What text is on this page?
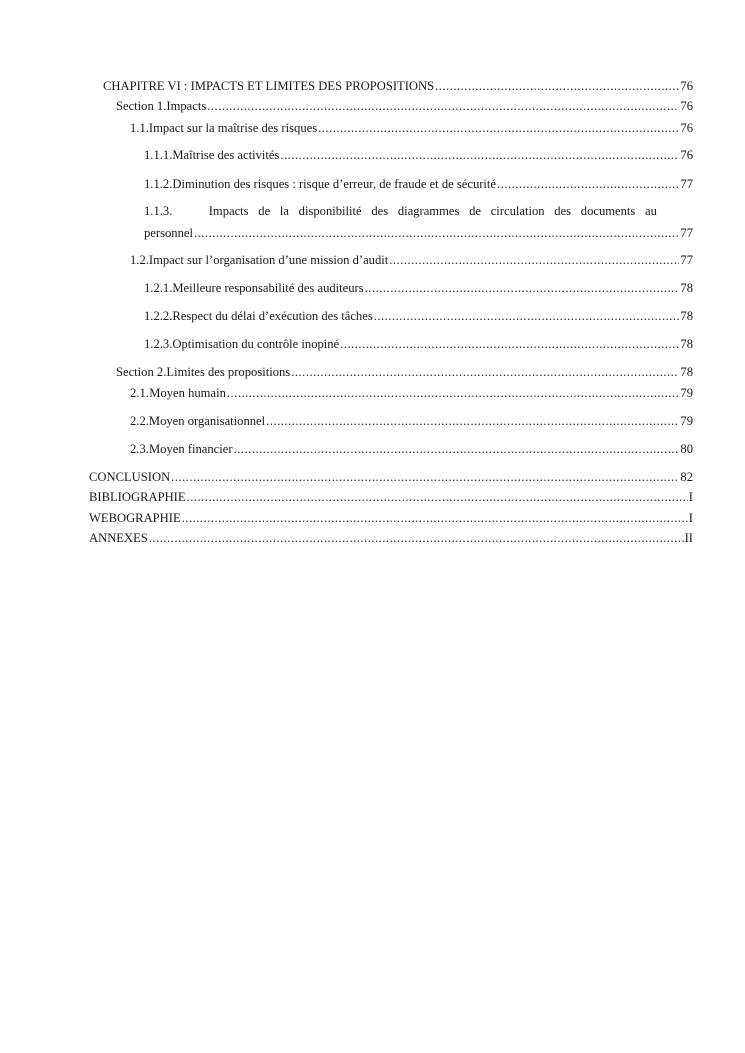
CHAPITRE VI : IMPACTS ET LIMITES DES PROPOSITIONS .....	76
Section 1. Impacts .....	76
1.1. Impact sur la maîtrise des risques .....	76
1.1.1. Maîtrise des activités .....	76
1.1.2. Diminution des risques : risque d’erreur, de fraude et de sécurité .....	77
1.1.3.	Impacts de la disponibilité des diagrammes de circulation des documents au
personnel .....	77
1.2. Impact sur l’organisation d’une mission d’audit .....	77
1.2.1. Meilleure responsabilité des auditeurs .....	78
1.2.2. Respect du délai d’exécution des tâches .....	78
1.2.3. Optimisation du contrôle inopiné .....	78
Section 2. Limites des propositions .....	78
2.1. Moyen humain .....	79
2.2. Moyen organisationnel .....	79
2.3. Moyen financier .....	80
CONCLUSION .....	82
BIBLIOGRAPHIE .....	I
WEBOGRAPHIE .....	I
ANNEXES .....	II
